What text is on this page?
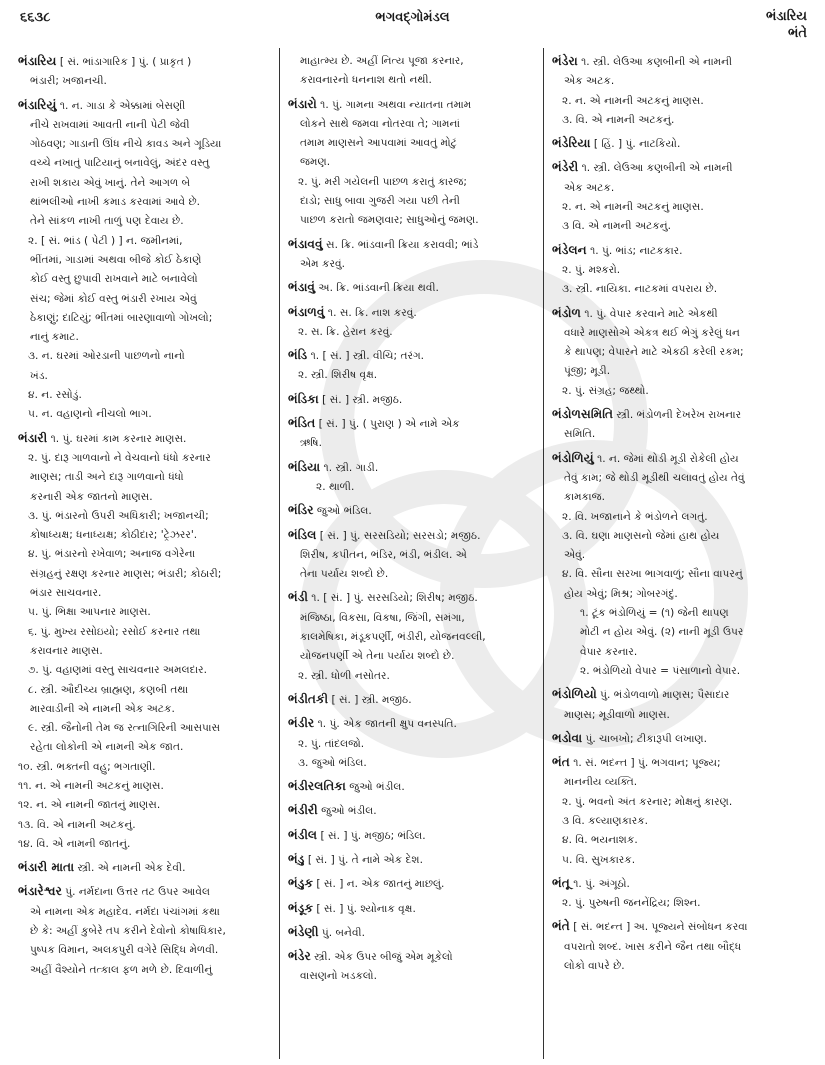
૬૬૩૮	ભગવદ્ગોમંડલ	ભંડારિય
ભંતે
ભંડારિય [ સં. ભાંડાગારિક ] પું. ( પ્રાકૃત )
ભંડારી; ખજાનચી.
ભંડારિયું ૧. ન. ગાડા કે એક્કામાં બેસણી
નીચે રાખવામાં આવતી નાની પેટી જેવી
ગોઠવણ; ગાડાની ઊંધ નીચે કાવડ અને ગૂડિયા
વચ્ચે નખાતું પાટિયાનું બનાવેલું, અંદર વસ્તુ
રાખી શકાય એવું ખાનું. તેને આગળ બે
થાંભલીઓ નાખી કમાડ કરવામાં આવે છે.
તેને સાંકળ નાખી તાળું પણ દેવાય છે.
૨. [ સં. ભાંડ ( પેટી ) ] ન. જમીનમાં,
ભીંતમાં, ગાડામાં અથવા બીજે કોઈ ઠેકાણે
કોઈ વસ્તુ છુપાવી રાખવાને માટે બનાવેલો
સંચ; જેમાં કોઈ વસ્તુ ભંડારી રખાય એવું
ઠેકાણું; દાટિયું; ભીંતમાં બારણાવાળો ગોખલો;
નાનું કમાટ.
૩. ન. ઘરમાં ઓરડાની પાછળનો નાનો
ખંડ.
૪. ન. રસોડું.
૫. ન. વહાણનો નીચલો ભાગ.
ભંડારી ૧. પું. ઘરમાં કામ કરનાર માણસ.
૨. પું. દારૂ ગાળવાનો ને વેચવાનો ધંધો કરનાર
માણસ; તાડી અને દારૂ ગાળવાનો ધંધો
કરનારી એક જાતનો માણસ.
૩. પું. ભંડારનો ઉપરી અધિકારી; ખજાનચી;
કોષાધ્યક્ષ; ધનાધ્યક્ષ; કોઠીદાર; 'ટ્રેઝરર'.
૪. પું. ભંડારનો રખેવાળ; અનાજ વગેરેના
સંગ્રહનું રક્ષણ કરનાર માણસ; ભંડારી; કોઠારી;
ભંડાર સાચવનાર.
૫. પું. ભિક્ષા આપનાર માણસ.
૬. પું. મુખ્ય રસોઇયો; રસોઈ કરનાર તથા
કરાવનાર માણસ.
૭. પું. વહાણમાં વસ્તુ સાચવનાર અમલદાર.
૮. સ્ત્રી. ઔદીચ્ય બ્રાહ્મણ, કણબી તથા
મારવાડીની એ નામની એક અટક.
૯. સ્ત્રી. જૈનોની તેમ જ રત્નાગિરિની આસપાસ
રહેતા લોકોની એ નામની એક જાત.
૧૦. સ્ત્રી. ભક્તની વહુ; ભગતાણી.
૧૧. ન. એ નામની અટકનું માણસ.
૧૨. ન. એ નામની જાતનું માણસ.
૧૩. વિ. એ નામની અટકનું.
૧૪. વિ. એ નામની જાતનું.
ભંડારી માતા સ્ત્રી. એ નામની એક દેવી.
ભંડારેશ્વર પું. નર્મદાના ઉત્તર તટ ઉપર આવેલ
એ નામના એક મહાદેવ. નર્મદા પંચાંગમાં કથા
છે કે: અહીં કુબેરે તપ કરીને દેવોનો કોષાધિકાર,
પુષ્પક વિમાન, અલકપુરી વગેરે સિદ્ધિ મેળવી.
અહીં વૈશ્યોને તત્કાલ ફળ મળે છે. દિવાળીનું
માહાત્મ્ય છે. અહીં નિત્ય પૂજા કરનાર,
કરાવનારનો ધનનાશ થતો નથી.
ભંડારો ૧. પું. ગામના અથવા ન્યાતના તમામ
લોકને સાથે જમવા નોતરવા તે; ગામનાં
તમામ માણસને આપવામાં આવતું મોટું
જમણ.
૨. પું. મરી ગયેલની પાછળ કરાતું કારજ;
દાડો; સાધુ બાવા ગુજરી ગયા પછી તેની
પાછળ કરાતો જમણવાર; સાધુઓનું જમણ.
ભંડાવવું સ. ક્રિ. ભાંડવાની ક્રિયા કરાવવી; ભાંડે
એમ કરવું.
ભંડાવું અ. ક્રિ. ભાંડવાની ક્રિયા થવી.
ભંડાળવું ૧. સ. ક્રિ. નાશ કરવું.
૨. સ. ક્રિ. હેરાન કરવું.
ભંડિ ૧. [ સં. ] સ્ત્રી. વીચિ; તરંગ.
૨. સ્ત્રી. શિરીષ વૃક્ષ.
ભંડિકા [ સં. ] સ્ત્રી. મજીઠ.
ભંડિત [ સં. ] પું. ( પુરાણ ) એ નામે એક
ઋષિ.
ભંડિયા ૧. સ્ત્રી. ગાડી.
૨. થાળી.
ભંડિર જુઓ ભંડિલ.
ભંડિલ [ સં. ] પું. સરસડિયો; સરસડો; મજીઠ.
શિરીષ, કપીતન, ભંડિર, ભંડી, ભંડીલ. એ
તેના પર્યાય શબ્દો છે.
ભંડી ૧. [ સં. ] પું. સરસડિયો; શિરીષ; મજીઠ.
મંજિષ્ઠા, વિકસા, વિકષા, જિંગી, સમંગા,
કાલમેષિકા, મંડૂકપર્ણી, ભંડીરી, યોજનવલ્લી,
યોજનપર્ણી એ તેના પર્યાય શબ્દો છે.
૨. સ્ત્રી. ધોળી નસોતર.
ભંડીતકી [ સં. ] સ્ત્રી. મજીઠ.
ભંડીર ૧. પું. એક જાતની ક્ષુપ વનસ્પતિ.
૨. પું. તાંદલજો.
૩. જુઓ ભંડિલ.
ભંડીરલતિકા જુઓ ભંડીલ.
ભંડીરી જુઓ ભંડીલ.
ભંડીલ [ સં. ] પું. મજીઠ; ભંડિલ.
ભંડુ [ સં. ] પું. તે નામે એક દેશ.
ભંડુક [ સં. ] ન. એક જાતનું માછલું.
ભંડૂક [ સં. ] પું. શ્યોનાક વૃક્ષ.
ભંડેણી પું. બનેવી.
ભંડેર સ્ત્રી. એક ઉપર બીજું એમ મૂકેલો
વાસણનો ખડકલો.
ભંડેરા ૧. સ્ત્રી. લેઉઆ કણબીની એ નામની
એક અટક.
૨. ન. એ નામની અટકનું માણસ.
૩. વિ. એ નામની અટકનું.
ભંડેરિયા [ હિં. ] પું. નાટકિયો.
ભંડેરી ૧. સ્ત્રી. લેઉઆ કણબીની એ નામની
એક અટક.
૨. ન. એ નામની અટકનું માણસ.
૩ વિ. એ નામની અટકનું.
ભંડેલન ૧. પું. ભાંડ; નાટકકાર.
૨. પું. મશ્કરો.
૩. સ્ત્રી. નાયિકા. નાટકમાં વપરાય છે.
ભંડોળ ૧. પું. વેપાર કરવાને માટે એકથી
વધારે માણસોએ એકત્ર થઈ ભેગું કરેલું ધન
કે થાપણ; વેપારને માટે એકઠી કરેલી રકમ;
પૂંજી; મૂડી.
૨. પું. સંગ્રહ; જથ્થો.
ભંડોળસમિતિ સ્ત્રી. ભંડોળની દેખરેખ રાખનાર
સમિતિ.
ભંડોળિયું ૧. ન. જેમાં થોડી મૂડી રોકેલી હોય
તેવું કામ; જે થોડી મૂડીથી ચલાવતું હોય તેવું
કામકાજ.
૨. વિ. ખજાનાને કે ભંડોળને લગતું.
૩. વિ. ઘણા માણસનો જેમાં હાથ હોય
એવું.
૪. વિ. સૌના સરખા ભાગવાળું; સૌના વાપરનું
હોય એવું; મિશ્ર; ગોબરગંદું.
૧. ટૂંક ભંડોળિયું = (૧) જેની થાપણ
મોટી ન હોય એવું. (૨) નાની મૂડી ઉપર
વેપાર કરનાર.
૨. ભંડોળિયો વેપાર = પંસાળાનો વેપાર.
ભંડોળિયો પું. ભંડોળવાળો માણસ; પૈસાદાર
માણસ; મૂડીવાળો માણસ.
ભડોવા પું. ચાબખો; ટીકારૂપી લખાણ.
ભંત ૧. સં. ભદન્ત ] પું. ભગવાન; પૂજ્ય;
માનનીય વ્યક્તિ.
૨. પું. ભવનો અંત કરનાર; મોક્ષનું કારણ.
૩ વિ. કલ્યાણકારક.
૪. વિ. ભયનાશક.
૫. વિ. સુખકારક.
ભંતૂ ૧. પું. અંગૂઠો.
૨. પું. પુરુષની જનનેંદ્રિય; શિશ્ન.
ભંતે [ સં. ભદન્ત ] અ. પૂજ્યને સંબોધન કરવા
વપરાતો શબ્દ. ખાસ કરીને જૈન તથા બૌદ્ધ
લોકો વાપરે છે.
